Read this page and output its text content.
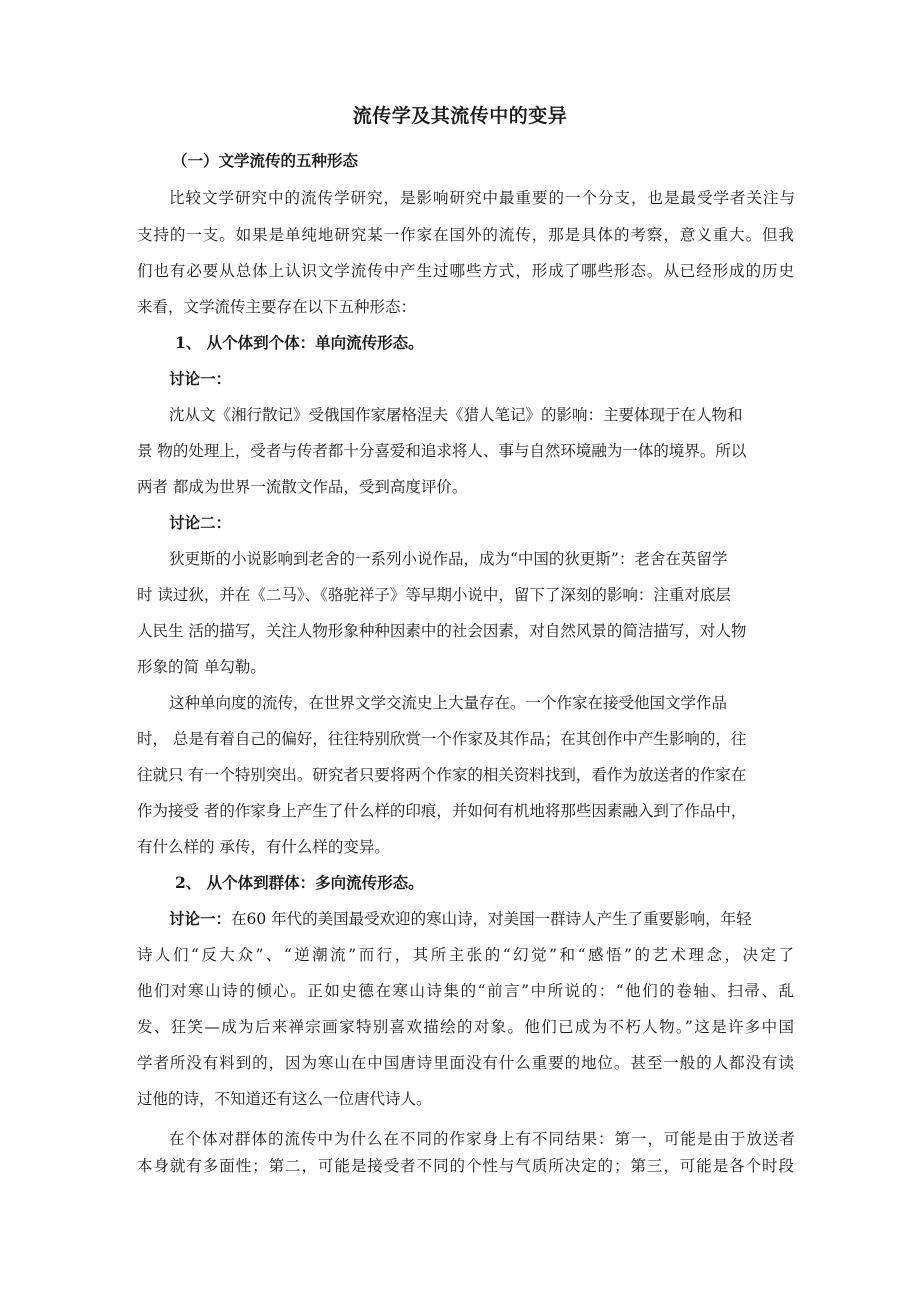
流传学及其流传中的变异
（一）文学流传的五种形态
比较文学研究中的流传学研究，是影响研究中最重要的一个分支，也是最受学者关注与
支持的一支。如果是单纯地研究某一作家在国外的流传，那是具体的考察，意义重大。但我
们也有必要从总体上认识文学流传中产生过哪些方式，形成了哪些形态。从已经形成的历史
来看，文学流传主要存在以下五种形态：
1、 从个体到个体：单向流传形态。
讨论一：
沈从文《湘行散记》受俄国作家屠格涅夫《猎人笔记》的影响：主要体现于在人物和
景 物的处理上，受者与传者都十分喜爱和追求将人、事与自然环境融为一体的境界。所以
两者 都成为世界一流散文作品，受到高度评价。
讨论二：
狄更斯的小说影响到老舍的一系列小说作品，成为“中国的狄更斯”：老舍在英留学
时 读过狄，并在《二马》、《骆驼祥子》等早期小说中，留下了深刻的影响：注重对底层
人民生 活的描写，关注人物形象种种因素中的社会因素，对自然风景的简洁描写，对人物
形象的简 单勾勒。
这种单向度的流传，在世界文学交流史上大量存在。一个作家在接受他国文学作品
时， 总是有着自己的偏好，往往特别欣赏一个作家及其作品；在其创作中产生影响的，往
往就只 有一个特别突出。研究者只要将两个作家的相关资料找到，看作为放送者的作家在
作为接受 者的作家身上产生了什么样的印痕，并如何有机地将那些因素融入到了作品中，
有什么样的 承传，有什么样的变异。
2、 从个体到群体：多向流传形态。
讨论一：在60 年代的美国最受欢迎的寒山诗，对美国一群诗人产生了重要影响，年轻
诗人们“反大众”、“逆潮流”而行，其所主张的“幻觉”和“感悟”的艺术理念，决定了
他们对寒山诗的倾心。正如史德在寒山诗集的“前言”中所说的：“他们的卷轴、扫帚、乱
发、狂笑—成为后来禅宗画家特别喜欢描绘的对象。他们已成为不朽人物。”这是许多中国
学者所没有料到的，因为寒山在中国唐诗里面没有什么重要的地位。甚至一般的人都没有读
过他的诗，不知道还有这么一位唐代诗人。
在个体对群体的流传中为什么在不同的作家身上有不同结果：第一，可能是由于放送者
本身就有多面性；第二，可能是接受者不同的个性与气质所决定的；第三，可能是各个时段
